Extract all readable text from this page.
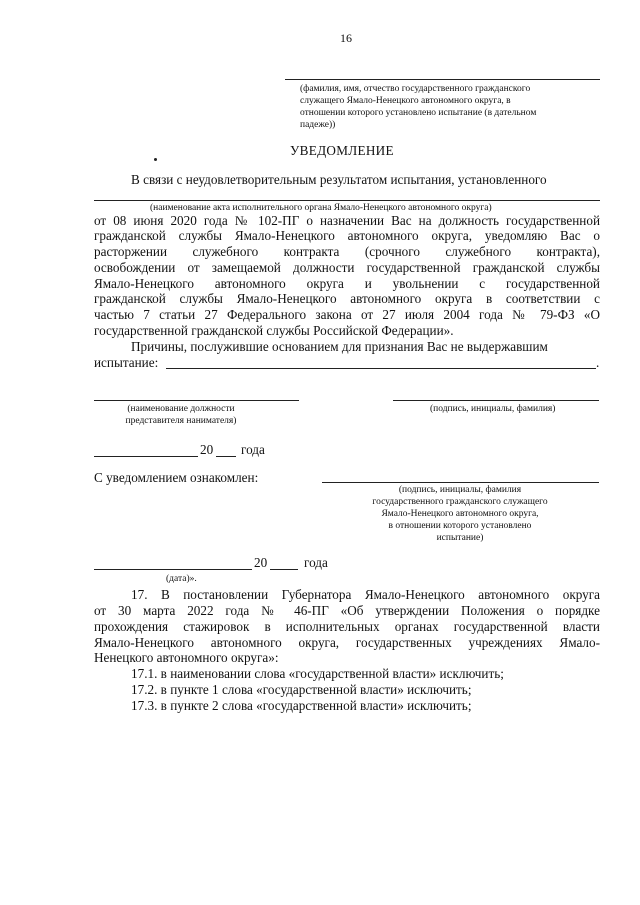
16
(фамилия, имя, отчество государственного гражданского
служащего Ямало-Ненецкого автономного округа, в
отношении которого установлено испытание (в дательном
падеже))
УВЕДОМЛЕНИЕ
В связи с неудовлетворительным результатом испытания, установленного
(наименование акта исполнительного органа Ямало-Ненецкого автономного округа)
от 08 июня 2020 года № 102-ПГ о назначении Вас на должность государственной
гражданской службы Ямало-Ненецкого автономного округа, уведомляю Вас о
расторжении служебного контракта (срочного служебного контракта),
освобождении от замещаемой должности государственной гражданской службы
Ямало-Ненецкого автономного округа и увольнении с государственной
гражданской службы Ямало-Ненецкого автономного округа в соответствии с
частью 7 статьи 27 Федерального закона от 27 июля 2004 года № 79-ФЗ «О
государственной гражданской службы Российской Федерации».
Причины, послужившие основанием для признания Вас не выдержавшим
испытание:	.
(наименование должности
представителя нанимателя)
(подпись, инициалы, фамилия)
20 года
С уведомлением ознакомлен:
(подпись, инициалы, фамилия
государственного гражданского служащего
Ямало-Ненецкого автономного округа,
в отношении которого установлено
испытание)
20	года
(дата)».
17. В постановлении Губернатора Ямало-Ненецкого автономного округа
от 30 марта 2022 года № 46-ПГ «Об утверждении Положения о порядке
прохождения стажировок в исполнительных органах государственной власти
Ямало-Ненецкого автономного округа, государственных учреждениях Ямало-
Ненецкого автономного округа»:
17.1. в наименовании слова «государственной власти» исключить;
17.2. в пункте 1 слова «государственной власти» исключить;
17.3. в пункте 2 слова «государственной власти» исключить;
